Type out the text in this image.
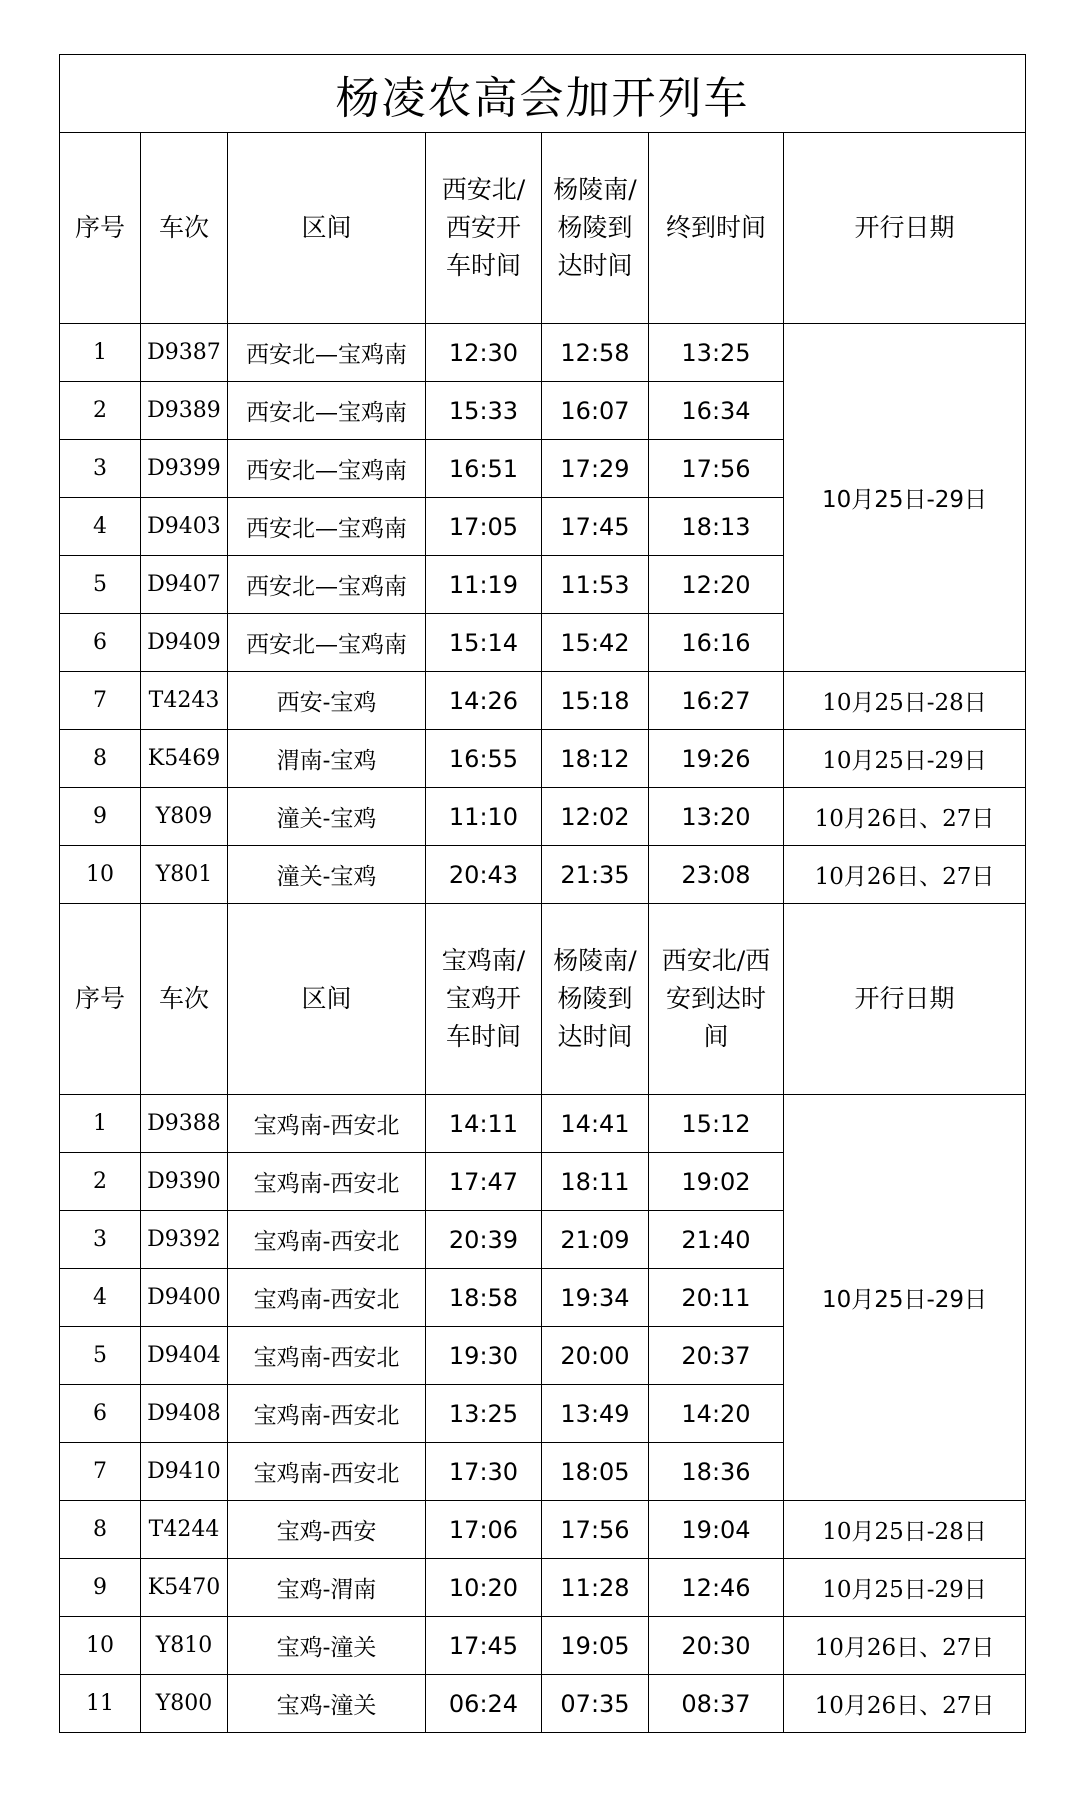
杨凌农高会加开列车						
序号	车次	区间	西安北/西安开车时间	杨陵南/杨陵到达时间	终到时间	开行日期
1	D9387	西安北—宝鸡南	12:30	12:58	13:25	10月25日-29日
2	D9389	西安北—宝鸡南	15:33	16:07	16:34	
3	D9399	西安北—宝鸡南	16:51	17:29	17:56	
4	D9403	西安北—宝鸡南	17:05	17:45	18:13	
5	D9407	西安北—宝鸡南	11:19	11:53	12:20	
6	D9409	西安北—宝鸡南	15:14	15:42	16:16	
7	T4243	西安-宝鸡	14:26	15:18	16:27	10月25日-28日
8	K5469	渭南-宝鸡	16:55	18:12	19:26	10月25日-29日
9	Y809	潼关-宝鸡	11:10	12:02	13:20	10月26日、27日
10	Y801	潼关-宝鸡	20:43	21:35	23:08	10月26日、27日
序号	车次	区间	宝鸡南/宝鸡开车时间	杨陵南/杨陵到达时间	西安北/西安到达时间	开行日期
1	D9388	宝鸡南-西安北	14:11	14:41	15:12	10月25日-29日
2	D9390	宝鸡南-西安北	17:47	18:11	19:02	
3	D9392	宝鸡南-西安北	20:39	21:09	21:40	
4	D9400	宝鸡南-西安北	18:58	19:34	20:11	
5	D9404	宝鸡南-西安北	19:30	20:00	20:37	
6	D9408	宝鸡南-西安北	13:25	13:49	14:20	
7	D9410	宝鸡南-西安北	17:30	18:05	18:36	
8	T4244	宝鸡-西安	17:06	17:56	19:04	10月25日-28日
9	K5470	宝鸡-渭南	10:20	11:28	12:46	10月25日-29日
10	Y810	宝鸡-潼关	17:45	19:05	20:30	10月26日、27日
11	Y800	宝鸡-潼关	06:24	07:35	08:37	10月26日、27日
